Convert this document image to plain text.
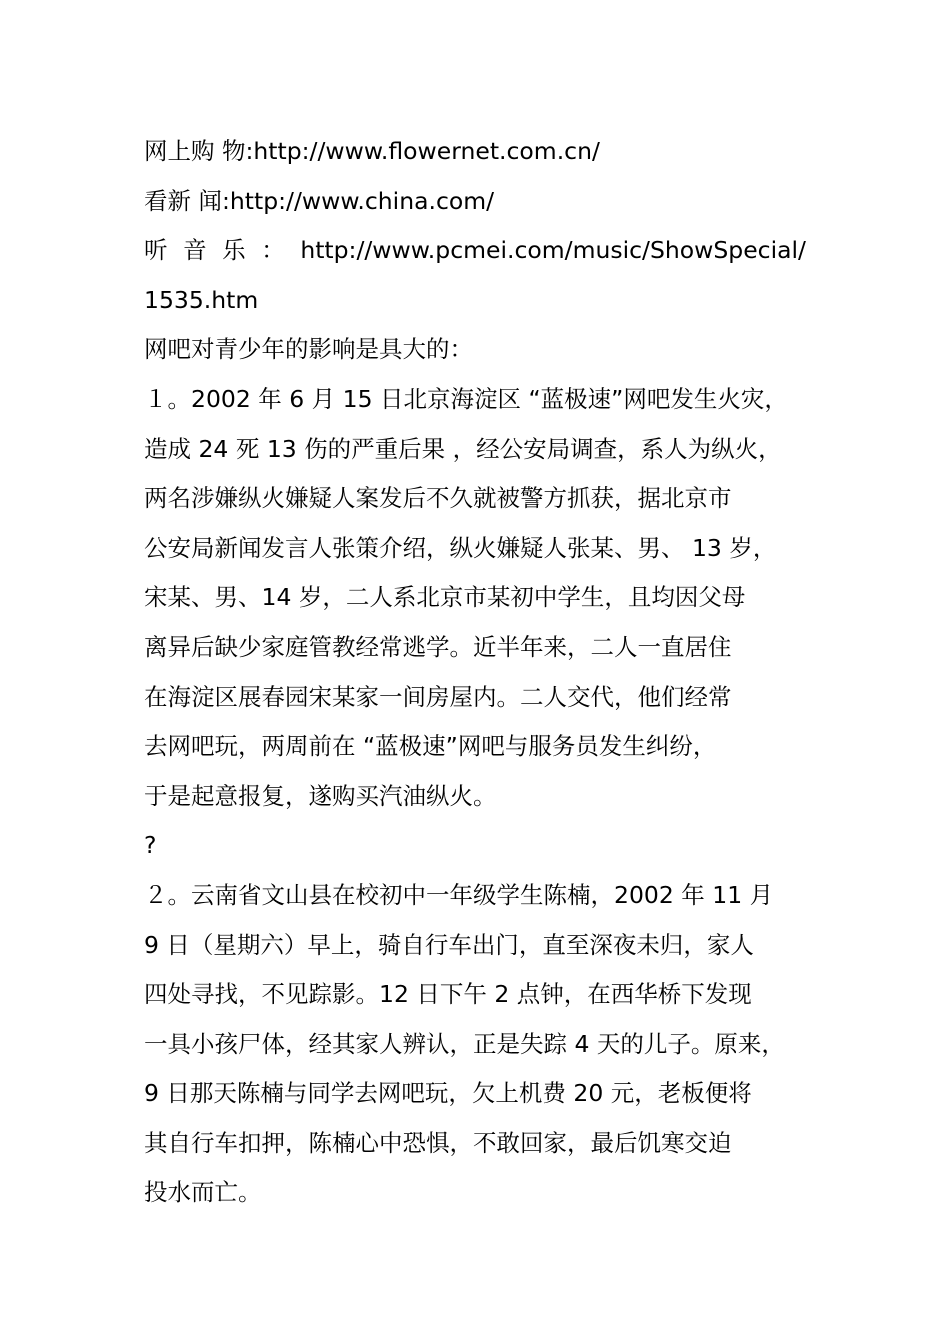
网上购 物:http://www.flowernet.com.cn/
看新 闻:http://www.china.com/
听 音 乐 ： http://www.pcmei.com/music/ShowSpecial/
1535.htm
网吧对青少年的影响是具大的：
１。2002 年 6 月 15 日北京海淀区 “蓝极速”网吧发生火灾，
造成 24 死 13 伤的严重后果 ，经公安局调查，系人为纵火，
两名涉嫌纵火嫌疑人案发后不久就被警方抓获，据北京市
公安局新闻发言人张策介绍，纵火嫌疑人张某、男、 13 岁，
宋某、男、14 岁，二人系北京市某初中学生，且均因父母
离异后缺少家庭管教经常逃学。近半年来，二人一直居住
在海淀区展春园宋某家一间房屋内。二人交代，他们经常
去网吧玩，两周前在 “蓝极速”网吧与服务员发生纠纷，
于是起意报复，遂购买汽油纵火。
?
２。云南省文山县在校初中一年级学生陈楠，2002 年 11 月
9 日（星期六）早上，骑自行车出门，直至深夜未归，家人
四处寻找，不见踪影。12 日下午 2 点钟，在西华桥下发现
一具小孩尸体，经其家人辨认，正是失踪 4 天的儿子。原来，
9 日那天陈楠与同学去网吧玩，欠上机费 20 元，老板便将
其自行车扣押，陈楠心中恐惧，不敢回家，最后饥寒交迫
投水而亡。
